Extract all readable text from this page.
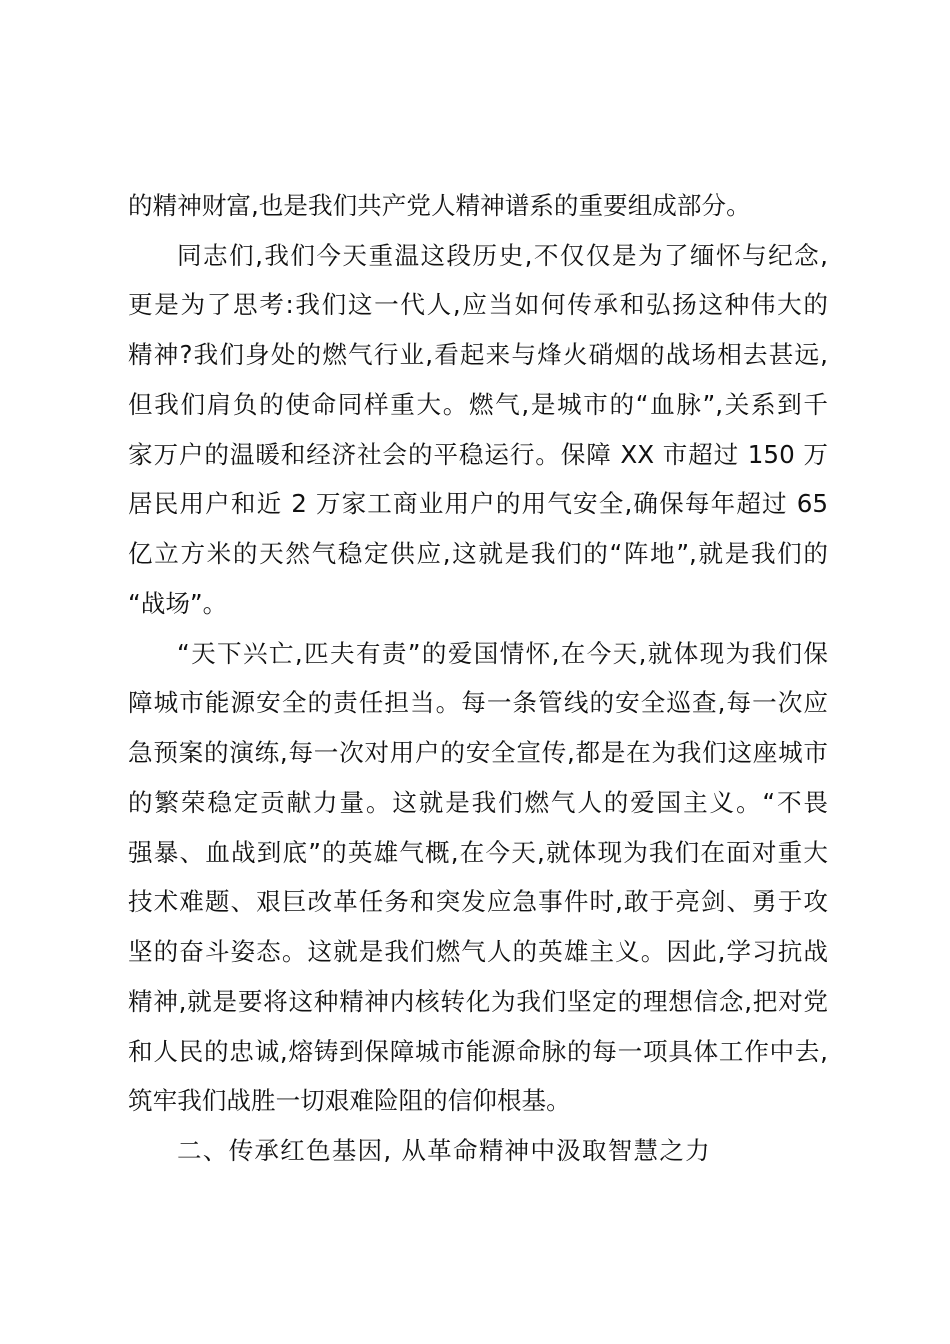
的精神财富,也是我们共产党人精神谱系的重要组成部分。
同志们,我们今天重温这段历史,不仅仅是为了缅怀与纪念,
更是为了思考:我们这一代人,应当如何传承和弘扬这种伟大的
精神?我们身处的燃气行业,看起来与烽火硝烟的战场相去甚远,
但我们肩负的使命同样重大。燃气,是城市的“血脉”,关系到千
家万户的温暖和经济社会的平稳运行。保障 XX 市超过 150 万
居民用户和近 2 万家工商业用户的用气安全,确保每年超过 65
亿立方米的天然气稳定供应,这就是我们的“阵地”,就是我们的
“战场”。
“天下兴亡,匹夫有责”的爱国情怀,在今天,就体现为我们保
障城市能源安全的责任担当。每一条管线的安全巡查,每一次应
急预案的演练,每一次对用户的安全宣传,都是在为我们这座城市
的繁荣稳定贡献力量。这就是我们燃气人的爱国主义。“不畏
强暴、血战到底”的英雄气概,在今天,就体现为我们在面对重大
技术难题、艰巨改革任务和突发应急事件时,敢于亮剑、勇于攻
坚的奋斗姿态。这就是我们燃气人的英雄主义。因此,学习抗战
精神,就是要将这种精神内核转化为我们坚定的理想信念,把对党
和人民的忠诚,熔铸到保障城市能源命脉的每一项具体工作中去,
筑牢我们战胜一切艰难险阻的信仰根基。
二、传承红色基因, 从革命精神中汲取智慧之力
